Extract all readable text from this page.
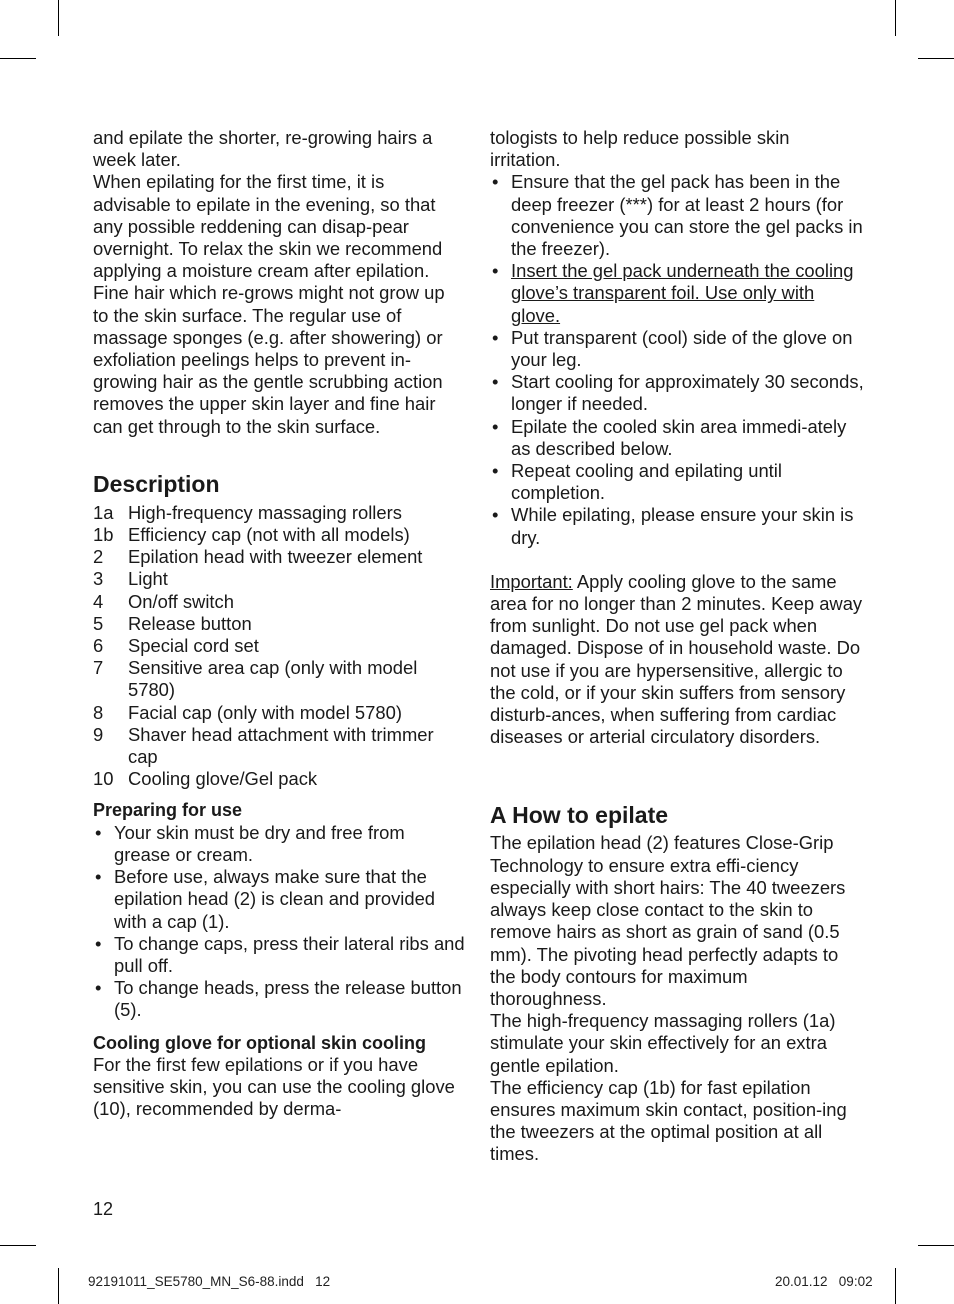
and epilate the shorter, re-growing hairs a week later.

When epilating for the first time, it is advisable to epilate in the evening, so that any possible reddening can disap-pear overnight. To relax the skin we recommend applying a moisture cream after epilation.

Fine hair which re-grows might not grow up to the skin surface. The regular use of massage sponges (e.g. after showering) or exfoliation peelings helps to prevent in-growing hair as the gentle scrubbing action removes the upper skin layer and fine hair can get through to the skin surface.

Description
1a High-frequency massaging rollers
1b Efficiency cap (not with all models)
2	Epilation head with tweezer element
3	Light
4	On/off switch
5	Release button
6	Special cord set
7	Sensitive area cap (only with model 5780)
8	Facial cap (only with model 5780)
9	Shaver head attachment with trimmer cap
10 Cooling glove/Gel pack
Preparing for use
• Your skin must be dry and free from grease or cream.
• Before use, always make sure that the epilation head (2) is clean and provided with a cap (1).
• To change caps, press their lateral ribs and pull off.
• To change heads, press the release button (5).
Cooling glove for optional skin cooling

For the first few epilations or if you have sensitive skin, you can use the cooling glove (10), recommended by derma-

tologists to help reduce possible skin irritation.

• Ensure that the gel pack has been in the deep freezer (***) for at least 2 hours (for convenience you can store the gel packs in the freezer).
• Insert the gel pack underneath the cooling glove’s transparent foil. Use only with glove.
• Put transparent (cool) side of the glove on your leg.
• Start cooling for approximately 30 seconds, longer if needed.
• Epilate the cooled skin area immedi-ately as described below.
• Repeat cooling and epilating until completion.
• While epilating, please ensure your skin is dry.

Important: Apply cooling glove to the same area for no longer than 2 minutes. Keep away from sunlight. Do not use gel pack when damaged. Dispose of in household waste. Do not use if you are hypersensitive, allergic to the cold, or if your skin suffers from sensory disturb-ances, when suffering from cardiac diseases or arterial circulatory disorders.

A How to epilate

The epilation head (2) features Close-Grip Technology to ensure extra effi-ciency especially with short hairs: The 40 tweezers always keep close contact to the skin to remove hairs as short as grain of sand (0.5 mm). The pivoting head perfectly adapts to the body contours for maximum thoroughness.

The high-frequency massaging rollers (1a) stimulate your skin effectively for an extra gentle epilation.

The efficiency cap (1b) for fast epilation ensures maximum skin contact, position-ing the tweezers at the optimal position at all times.

12
92191011_SE5780_MN_S6-88.indd   12	20.01.12   09:02
